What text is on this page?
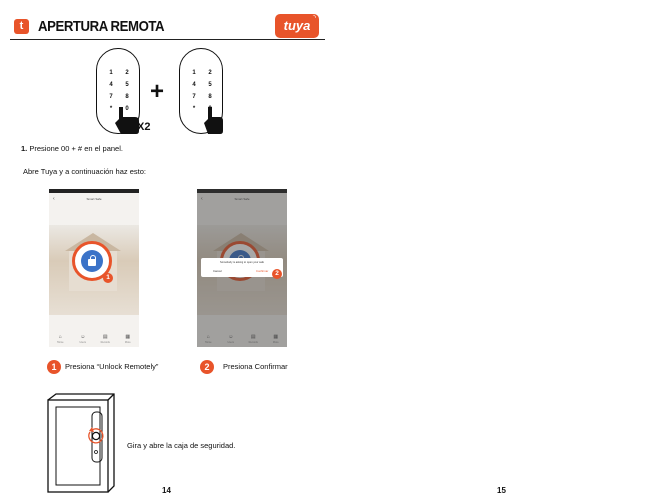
t APERTURA REMOTA
◝
tuya
1	2
4	5
7	8
*	0
+
1	2
4	5
7	8
*
X2
1. Presione 00 + # en el panel.
Abre Tuya y a continuación haz esto:
‹	Smart Safe
1
⌂
Home
☺
Users
▤
Records
▦
More
‹	Smart Safe
⌂
Home
☺
Users
▤
Records
▦
More
Somebody is asking to open your safe
Cancel	Confirmar	2
1	Presiona “Unlock Remotely”	2	Presiona Confirmar
Gira y abre la caja de seguridad.
14	15
